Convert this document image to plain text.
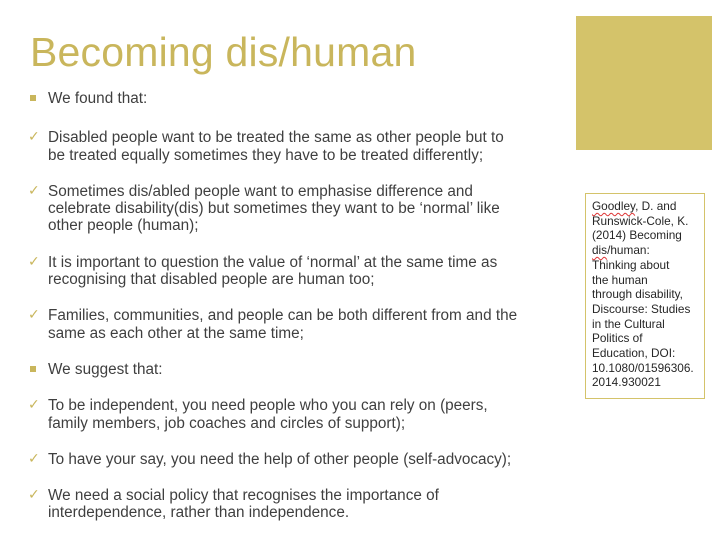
Becoming dis/human
We found that:
✓ Disabled people want to be treated the same as other people but to
be treated equally sometimes they have to be treated differently;
✓ Sometimes dis/abled people want to emphasise difference and
celebrate disability(dis) but sometimes they want to be ‘normal’ like
other people (human);
✓ It is important to question the value of ‘normal’ at the same time as
recognising that disabled people are human too;
✓ Families, communities, and people can be both different from and the
same as each other at the same time;
We suggest that:
✓ To be independent, you need people who you can rely on (peers,
family members, job coaches and circles of support);
✓ To have your say, you need the help of other people (self-advocacy);
✓ We need a social policy that recognises the importance of
interdependence, rather than independence.
Goodley, D. and
Runswick-Cole, K.
(2014) Becoming
dis/human:
Thinking about
the human
through disability,
Discourse: Studies
in the Cultural
Politics of
Education, DOI:
10.1080/01596306.
2014.930021
